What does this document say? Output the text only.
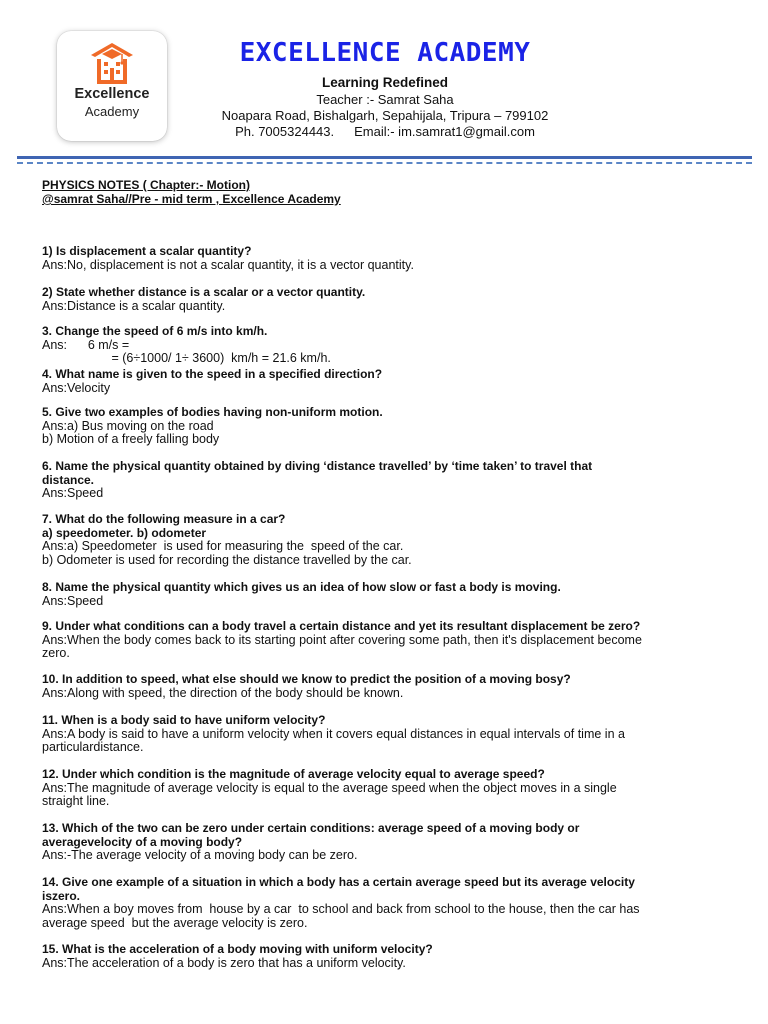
Excellence
Academy
EXCELLENCE ACADEMY
Learning Redefined
Teacher :- Samrat Saha
Noapara Road, Bishalgarh, Sepahijala, Tripura – 799102
Ph. 7005324443. Email:- im.samrat1@gmail.com
PHYSICS NOTES ( Chapter:- Motion)
@samrat Saha//Pre - mid term , Excellence Academy
1) Is displacement a scalar quantity?
Ans:No, displacement is not a scalar quantity, it is a vector quantity.
2) State whether distance is a scalar or a vector quantity.
Ans:Distance is a scalar quantity.
3. Change the speed of 6 m/s into km/h.
Ans:      6 m/s =
= (6÷1000/ 1÷ 3600)  km/h = 21.6 km/h.
4. What name is given to the speed in a specified direction?
Ans:Velocity
5. Give two examples of bodies having non-uniform motion.
Ans:a) Bus moving on the road
b) Motion of a freely falling body
6. Name the physical quantity obtained by diving ‘distance travelled’ by ‘time taken’ to travel that
distance.
Ans:Speed
7. What do the following measure in a car?
a) speedometer. b) odometer
Ans:a) Speedometer  is used for measuring the  speed of the car.
b) Odometer is used for recording the distance travelled by the car.
8. Name the physical quantity which gives us an idea of how slow or fast a body is moving.
Ans:Speed
9. Under what conditions can a body travel a certain distance and yet its resultant displacement be zero?
Ans:When the body comes back to its starting point after covering some path, then it's displacement become
zero.
10. In addition to speed, what else should we know to predict the position of a moving bosy?
Ans:Along with speed, the direction of the body should be known.
11. When is a body said to have uniform velocity?
Ans:A body is said to have a uniform velocity when it covers equal distances in equal intervals of time in a
particulardistance.
12. Under which condition is the magnitude of average velocity equal to average speed?
Ans:The magnitude of average velocity is equal to the average speed when the object moves in a single
straight line.
13. Which of the two can be zero under certain conditions: average speed of a moving body or
averagevelocity of a moving body?
Ans:-The average velocity of a moving body can be zero.
14. Give one example of a situation in which a body has a certain average speed but its average velocity
iszero.
Ans:When a boy moves from  house by a car  to school and back from school to the house, then the car has
average speed  but the average velocity is zero.
15. What is the acceleration of a body moving with uniform velocity?
Ans:The acceleration of a body is zero that has a uniform velocity.
